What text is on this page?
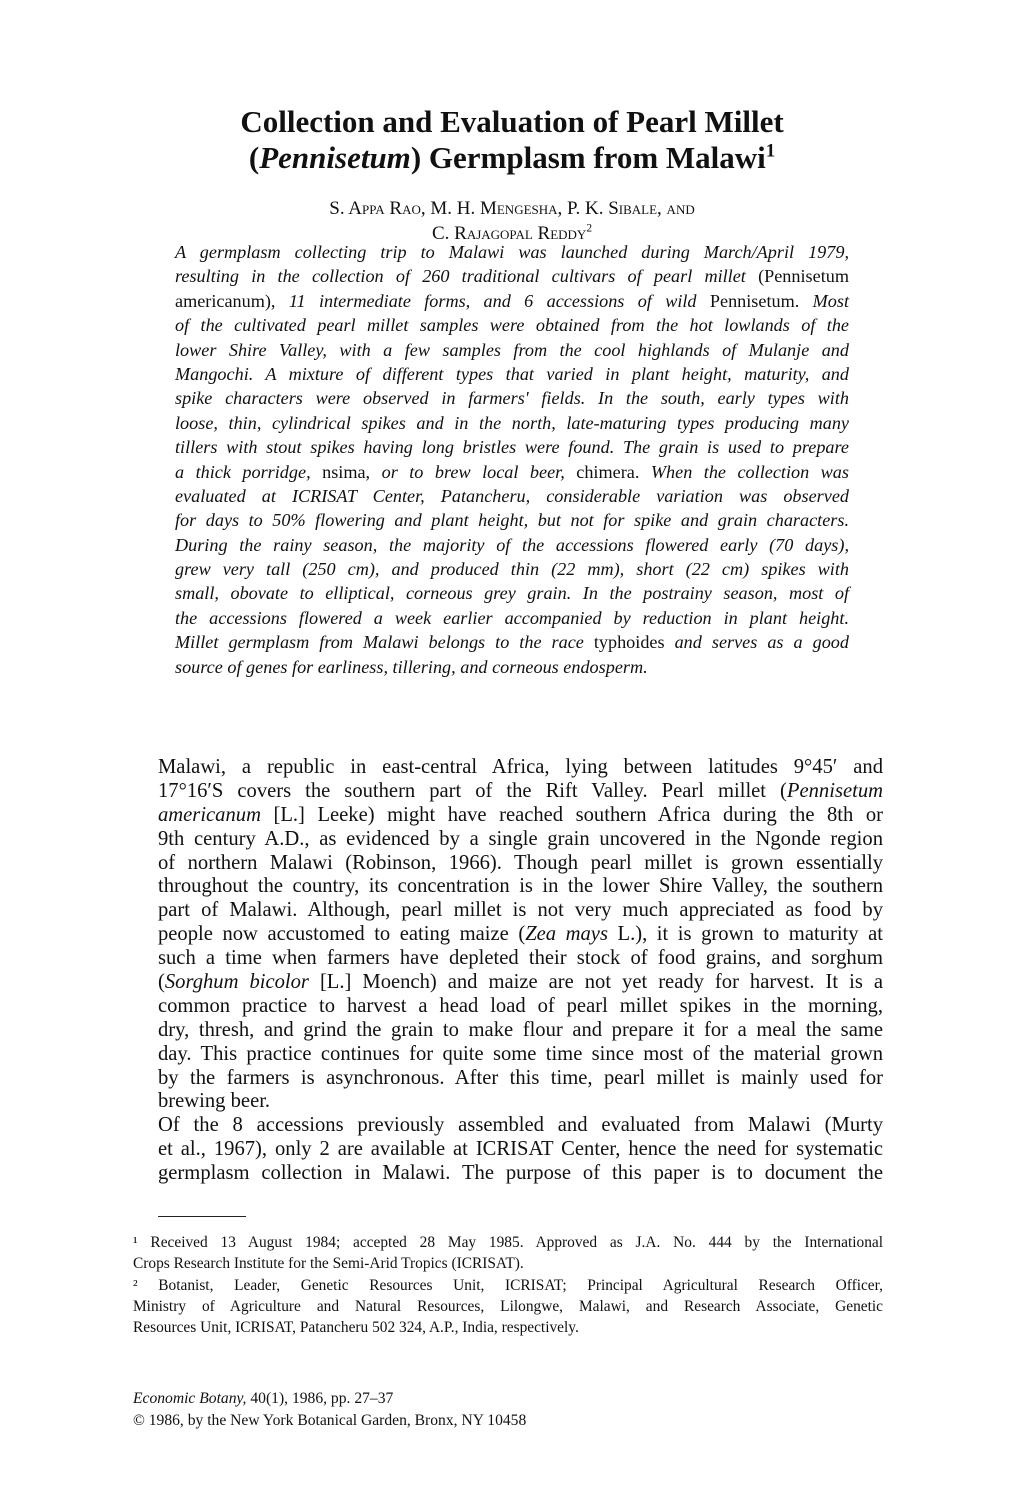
Collection and Evaluation of Pearl Millet
(Pennisetum) Germplasm from Malawi$^1$
S. Appa Rao, M. H. Mengesha, P. K. Sibale, and
C. Rajagopal Reddy$^2$
A germplasm collecting trip to Malawi was launched during March/April 1979,
resulting in the collection of 260 traditional cultivars of pearl millet (Pennisetum
americanum), 11 intermediate forms, and 6 accessions of wild Pennisetum. Most
of the cultivated pearl millet samples were obtained from the hot lowlands of the
lower Shire Valley, with a few samples from the cool highlands of Mulanje and
Mangochi. A mixture of different types that varied in plant height, maturity, and
spike characters were observed in farmers' fields. In the south, early types with
loose, thin, cylindrical spikes and in the north, late-maturing types producing many
tillers with stout spikes having long bristles were found. The grain is used to prepare
a thick porridge, nsima, or to brew local beer, chimera. When the collection was
evaluated at ICRISAT Center, Patancheru, considerable variation was observed
for days to 50% flowering and plant height, but not for spike and grain characters.
During the rainy season, the majority of the accessions flowered early (70 days),
grew very tall (250 cm), and produced thin (22 mm), short (22 cm) spikes with
small, obovate to elliptical, corneous grey grain. In the postrainy season, most of
the accessions flowered a week earlier accompanied by reduction in plant height.
Millet germplasm from Malawi belongs to the race typhoides and serves as a good
source of genes for earliness, tillering, and corneous endosperm.
Malawi, a republic in east-central Africa, lying between latitudes 9°45′ and
17°16′S covers the southern part of the Rift Valley. Pearl millet (Pennisetum
americanum [L.] Leeke) might have reached southern Africa during the 8th or
9th century A.D., as evidenced by a single grain uncovered in the Ngonde region
of northern Malawi (Robinson, 1966). Though pearl millet is grown essentially
throughout the country, its concentration is in the lower Shire Valley, the southern
part of Malawi. Although, pearl millet is not very much appreciated as food by
people now accustomed to eating maize (Zea mays L.), it is grown to maturity at
such a time when farmers have depleted their stock of food grains, and sorghum
(Sorghum bicolor [L.] Moench) and maize are not yet ready for harvest. It is a
common practice to harvest a head load of pearl millet spikes in the morning,
dry, thresh, and grind the grain to make flour and prepare it for a meal the same
day. This practice continues for quite some time since most of the material grown
by the farmers is asynchronous. After this time, pearl millet is mainly used for
brewing beer.
Of the 8 accessions previously assembled and evaluated from Malawi (Murty
et al., 1967), only 2 are available at ICRISAT Center, hence the need for systematic
germplasm collection in Malawi. The purpose of this paper is to document the
¹ Received 13 August 1984; accepted 28 May 1985. Approved as J.A. No. 444 by the International
Crops Research Institute for the Semi-Arid Tropics (ICRISAT).
² Botanist, Leader, Genetic Resources Unit, ICRISAT; Principal Agricultural Research Officer,
Ministry of Agriculture and Natural Resources, Lilongwe, Malawi, and Research Associate, Genetic
Resources Unit, ICRISAT, Patancheru 502 324, A.P., India, respectively.
Economic Botany, 40(1), 1986, pp. 27–37
© 1986, by the New York Botanical Garden, Bronx, NY 10458
